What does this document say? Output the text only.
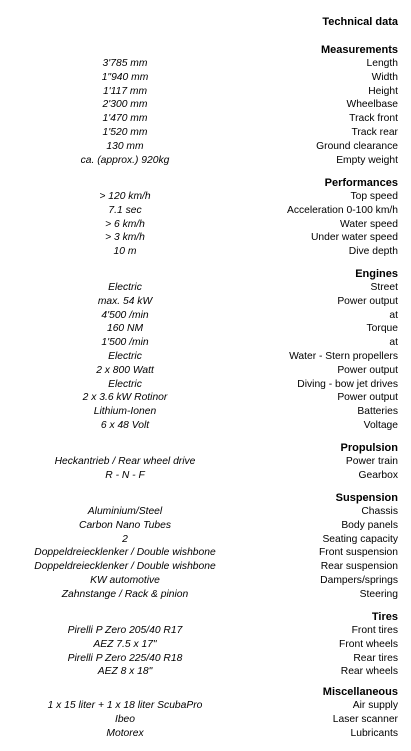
Technical data
Measurements
3'785 mm	Length
1"940 mm	Width
1'117 mm	Height
2'300 mm	Wheelbase
1'470 mm	Track front
1'520 mm	Track rear
130 mm	Ground clearance
ca. (approx.) 920kg	Empty weight
Performances
> 120 km/h	Top speed
7.1 sec	Acceleration 0-100 km/h
> 6 km/h	Water speed
> 3 km/h	Under water speed
10 m	Dive depth
Engines
Electric	Street
max. 54 kW	Power output
4'500 /min	at
160 NM	Torque
1'500 /min	at
Electric	Water - Stern propellers
2 x 800 Watt	Power output
Electric	Diving - bow jet drives
2 x 3.6 kW Rotinor	Power output
Lithium-Ionen	Batteries
6 x 48 Volt	Voltage
Propulsion
Heckantrieb / Rear wheel drive	Power train
R - N - F	Gearbox
Suspension
Aluminium/Steel	Chassis
Carbon Nano Tubes	Body panels
2	Seating capacity
Doppeldreiecklenker / Double wishbone	Front suspension
Doppeldreiecklenker / Double wishbone	Rear suspension
KW automotive	Dampers/springs
Zahnstange / Rack & pinion	Steering
Tires
Pirelli P Zero 205/40 R17	Front tires
AEZ 7.5 x 17"	Front wheels
Pirelli P Zero 225/40 R18	Rear tires
AEZ 8 x 18"	Rear wheels
Miscellaneous
1 x 15 liter + 1 x 18 liter ScubaPro	Air supply
Ibeo	Laser scanner
Motorex	Lubricants
